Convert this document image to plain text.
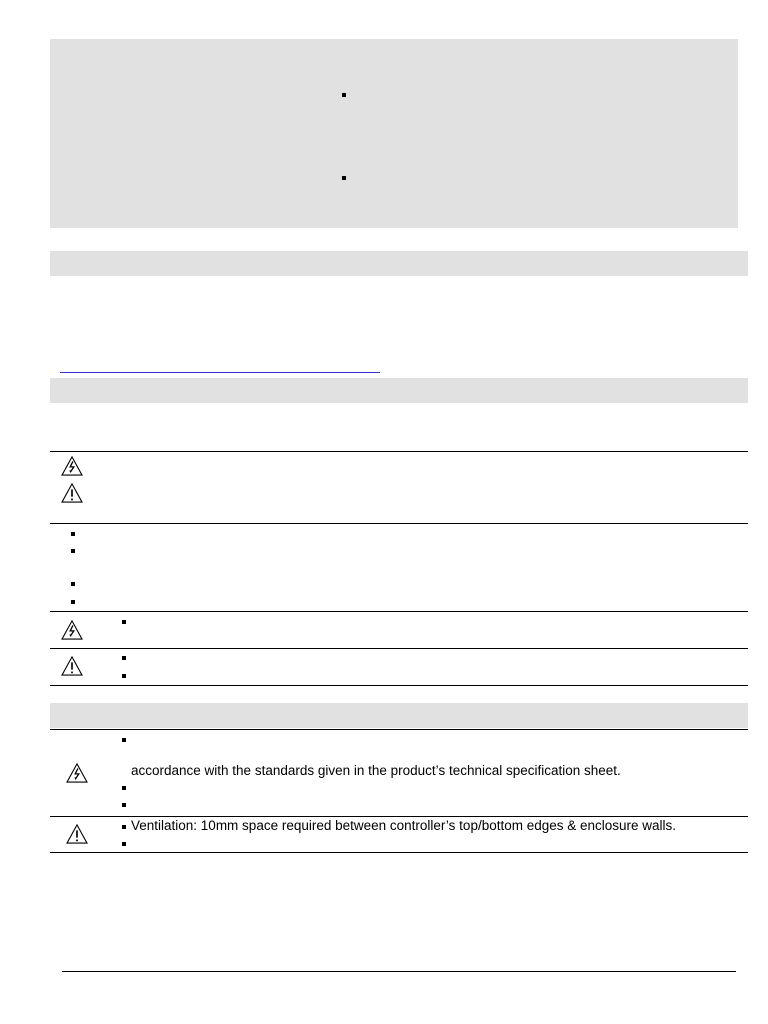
accordance with the standards given in the product’s technical specification sheet.
Ventilation: 10mm space required between controller’s top/bottom edges & enclosure walls.
